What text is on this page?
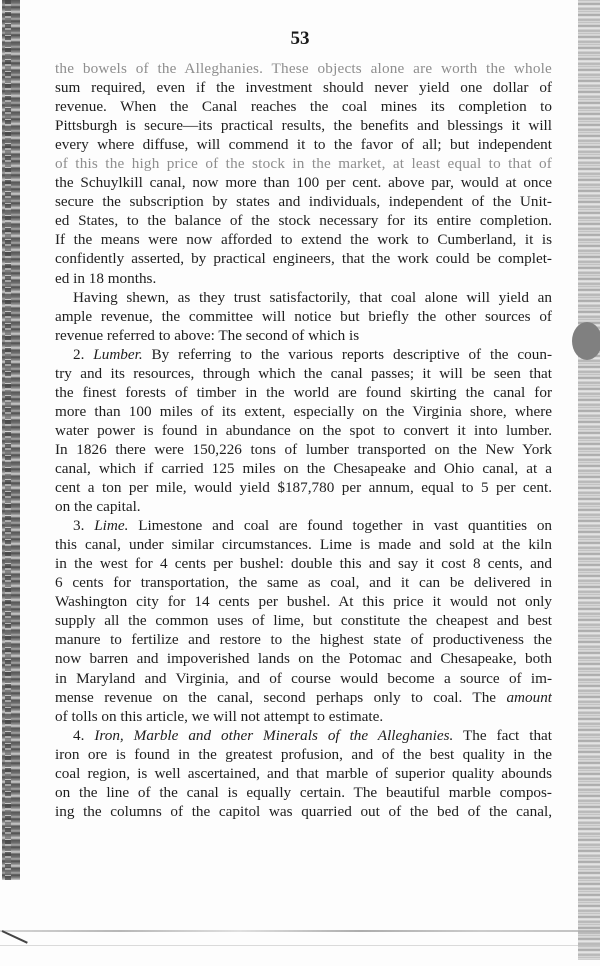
53
the bowels of the Alleghanies. These objects alone are worth the whole
sum required, even if the investment should never yield one dollar of
revenue. When the Canal reaches the coal mines its completion to
Pittsburgh is secure—its practical results, the benefits and blessings it will
every where diffuse, will commend it to the favor of all; but independent
of this the high price of the stock in the market, at least equal to that of
the Schuylkill canal, now more than 100 per cent. above par, would at once
secure the subscription by states and individuals, independent of the Unit-
ed States, to the balance of the stock necessary for its entire completion.
If the means were now afforded to extend the work to Cumberland, it is
confidently asserted, by practical engineers, that the work could be complet-
ed in 18 months.
Having shewn, as they trust satisfactorily, that coal alone will yield an
ample revenue, the committee will notice but briefly the other sources of
revenue referred to above: The second of which is
2. Lumber. By referring to the various reports descriptive of the coun-
try and its resources, through which the canal passes; it will be seen that
the finest forests of timber in the world are found skirting the canal for
more than 100 miles of its extent, especially on the Virginia shore, where
water power is found in abundance on the spot to convert it into lumber.
In 1826 there were 150,226 tons of lumber transported on the New York
canal, which if carried 125 miles on the Chesapeake and Ohio canal, at a
cent a ton per mile, would yield $187,780 per annum, equal to 5 per cent.
on the capital.
3. Lime. Limestone and coal are found together in vast quantities on
this canal, under similar circumstances. Lime is made and sold at the kiln
in the west for 4 cents per bushel: double this and say it cost 8 cents, and
6 cents for transportation, the same as coal, and it can be delivered in
Washington city for 14 cents per bushel. At this price it would not only
supply all the common uses of lime, but constitute the cheapest and best
manure to fertilize and restore to the highest state of productiveness the
now barren and impoverished lands on the Potomac and Chesapeake, both
in Maryland and Virginia, and of course would become a source of im-
mense revenue on the canal, second perhaps only to coal. The amount
of tolls on this article, we will not attempt to estimate.
4. Iron, Marble and other Minerals of the Alleghanies. The fact that
iron ore is found in the greatest profusion, and of the best quality in the
coal region, is well ascertained, and that marble of superior quality abounds
on the line of the canal is equally certain. The beautiful marble compos-
ing the columns of the capitol was quarried out of the bed of the canal,
